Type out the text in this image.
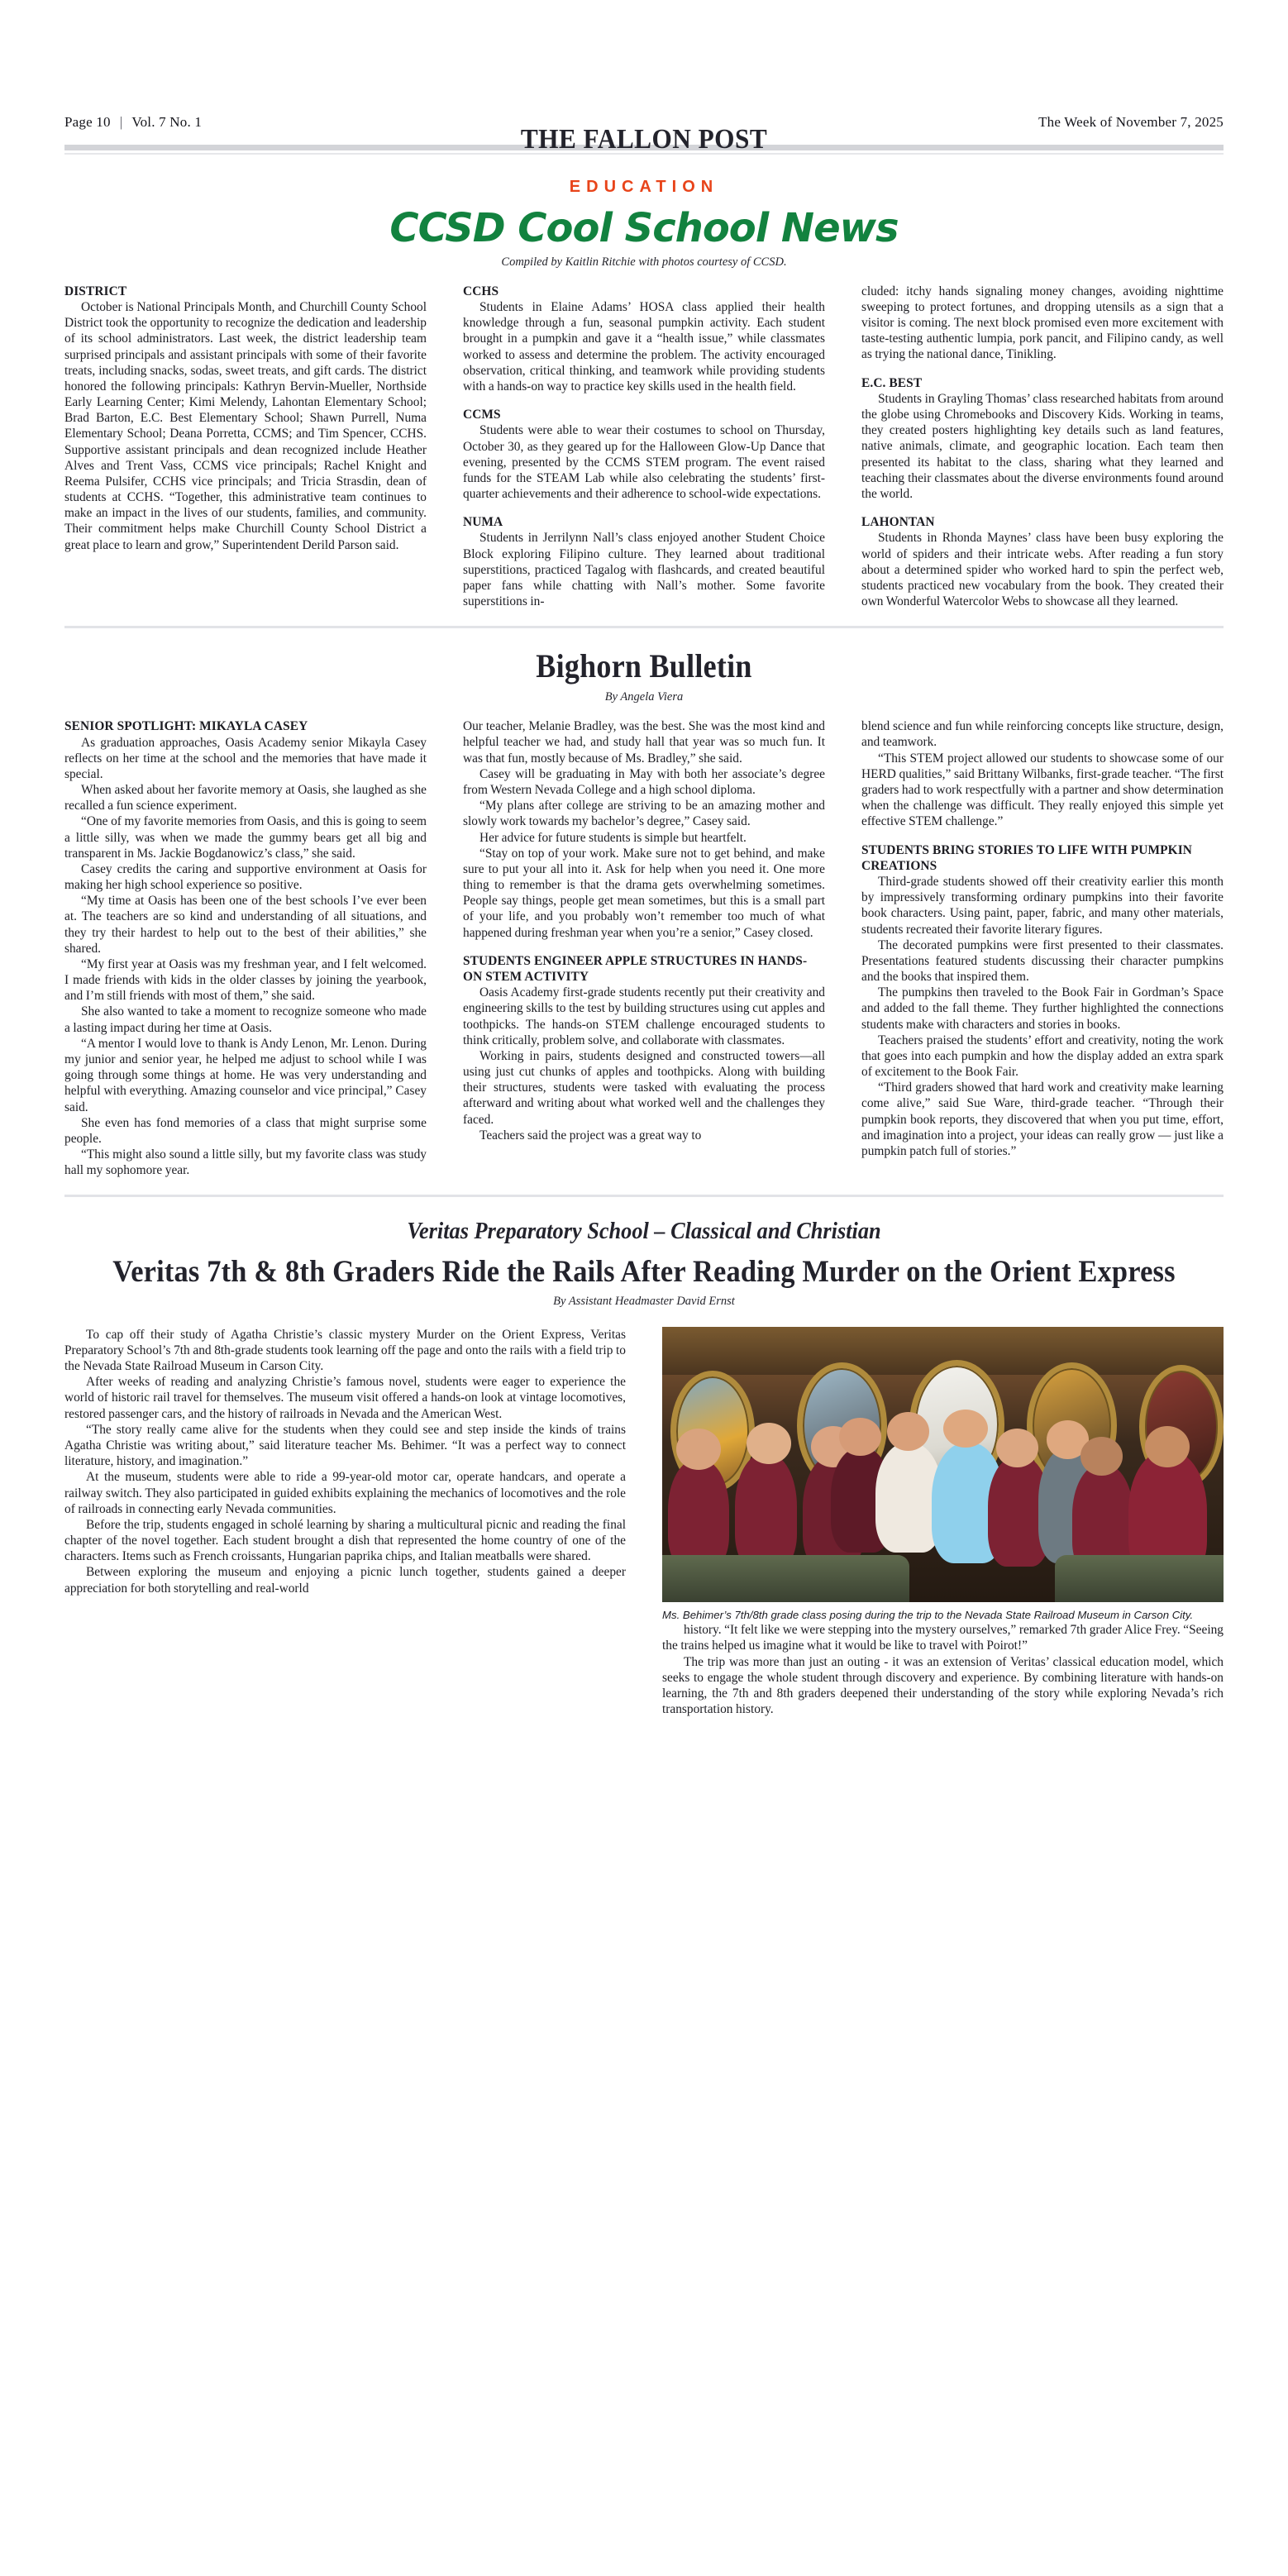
Page 10 | Vol. 7 No. 1	The Week of November 7, 2025
THE FALLON POST
EDUCATION
CCSD Cool School News
Compiled by Kaitlin Ritchie with photos courtesy of CCSD.
DISTRICT

October is National Principals Month, and Churchill County School District took the opportunity to recognize the dedication and leadership of its school administrators. Last week, the district leadership team surprised principals and assistant principals with some of their favorite treats, including snacks, sodas, sweet treats, and gift cards. The district honored the following principals: Kathryn Bervin-Mueller, Northside Early Learning Center; Kimi Melendy, Lahontan Elementary School; Brad Barton, E.C. Best Elementary School; Shawn Purrell, Numa Elementary School; Deana Porretta, CCMS; and Tim Spencer, CCHS. Supportive assistant principals and dean recognized include Heather Alves and Trent Vass, CCMS vice principals; Rachel Knight and Reema Pulsifer, CCHS vice principals; and Tricia Strasdin, dean of students at CCHS. “Together, this administrative team continues to make an impact in the lives of our students, families, and community. Their commitment helps make Churchill County School District a great place to learn and grow,” Superintendent Derild Parson said.

CCHS

Students in Elaine Adams’ HOSA class applied their health knowledge through a fun, seasonal pumpkin activity. Each student brought in a pumpkin and gave it a “health issue,” while classmates worked to assess and determine the problem. The activity encouraged observation, critical thinking, and teamwork while providing students with a hands-on way to practice key skills used in the health field.

CCMS

Students were able to wear their costumes to school on Thursday, October 30, as they geared up for the Halloween Glow-Up Dance that evening, presented by the CCMS STEM program. The event raised funds for the STEAM Lab while also celebrating the students’ first-quarter achievements and their adherence to school-wide expectations.

NUMA

Students in Jerrilynn Nall’s class enjoyed another Student Choice Block exploring Filipino culture. They learned about traditional superstitions, practiced Tagalog with flashcards, and created beautiful paper fans while chatting with Nall’s mother. Some favorite superstitions in-

cluded: itchy hands signaling money changes, avoiding nighttime sweeping to protect fortunes, and dropping utensils as a sign that a visitor is coming. The next block promised even more excitement with taste-testing authentic lumpia, pork pancit, and Filipino candy, as well as trying the national dance, Tinikling.

E.C. BEST

Students in Grayling Thomas’ class researched habitats from around the globe using Chromebooks and Discovery Kids. Working in teams, they created posters highlighting key details such as land features, native animals, climate, and geographic location. Each team then presented its habitat to the class, sharing what they learned and teaching their classmates about the diverse environments found around the world.

LAHONTAN

Students in Rhonda Maynes’ class have been busy exploring the world of spiders and their intricate webs. After reading a fun story about a determined spider who worked hard to spin the perfect web, students practiced new vocabulary from the book. They created their own Wonderful Watercolor Webs to showcase all they learned.

Bighorn Bulletin
By Angela Viera
SENIOR SPOTLIGHT: MIKAYLA CASEY

As graduation approaches, Oasis Academy senior Mikayla Casey reflects on her time at the school and the memories that have made it special.

When asked about her favorite memory at Oasis, she laughed as she recalled a fun science experiment.

“One of my favorite memories from Oasis, and this is going to seem a little silly, was when we made the gummy bears get all big and transparent in Ms. Jackie Bogdanowicz’s class,” she said.

Casey credits the caring and supportive environment at Oasis for making her high school experience so positive.

“My time at Oasis has been one of the best schools I’ve ever been at. The teachers are so kind and understanding of all situations, and they try their hardest to help out to the best of their abilities,” she shared.

“My first year at Oasis was my freshman year, and I felt welcomed. I made friends with kids in the older classes by joining the yearbook, and I’m still friends with most of them,” she said.

She also wanted to take a moment to recognize someone who made a lasting impact during her time at Oasis.

“A mentor I would love to thank is Andy Lenon, Mr. Lenon. During my junior and senior year, he helped me adjust to school while I was going through some things at home. He was very understanding and helpful with everything. Amazing counselor and vice principal,” Casey said.

She even has fond memories of a class that might surprise some people.

“This might also sound a little silly, but my favorite class was study hall my sophomore year.

Our teacher, Melanie Bradley, was the best. She was the most kind and helpful teacher we had, and study hall that year was so much fun. It was that fun, mostly because of Ms. Bradley,” she said.

Casey will be graduating in May with both her associate’s degree from Western Nevada College and a high school diploma.

“My plans after college are striving to be an amazing mother and slowly work towards my bachelor’s degree,” Casey said.

Her advice for future students is simple but heartfelt.

“Stay on top of your work. Make sure not to get behind, and make sure to put your all into it. Ask for help when you need it. One more thing to remember is that the drama gets overwhelming sometimes. People say things, people get mean sometimes, but this is a small part of your life, and you probably won’t remember too much of what happened during freshman year when you’re a senior,” Casey closed.

STUDENTS ENGINEER APPLE STRUCTURES IN HANDS-ON STEM ACTIVITY

Oasis Academy first-grade students recently put their creativity and engineering skills to the test by building structures using cut apples and toothpicks. The hands-on STEM challenge encouraged students to think critically, problem solve, and collaborate with classmates.

Working in pairs, students designed and constructed towers—all using just cut chunks of apples and toothpicks. Along with building their structures, students were tasked with evaluating the process afterward and writing about what worked well and the challenges they faced.

Teachers said the project was a great way to

blend science and fun while reinforcing concepts like structure, design, and teamwork.

“This STEM project allowed our students to showcase some of our HERD qualities,” said Brittany Wilbanks, first-grade teacher. “The first graders had to work respectfully with a partner and show determination when the challenge was difficult. They really enjoyed this simple yet effective STEM challenge.”

STUDENTS BRING STORIES TO LIFE WITH PUMPKIN CREATIONS

Third-grade students showed off their creativity earlier this month by impressively transforming ordinary pumpkins into their favorite book characters. Using paint, paper, fabric, and many other materials, students recreated their favorite literary figures.

The decorated pumpkins were first presented to their classmates. Presentations featured students discussing their character pumpkins and the books that inspired them.

The pumpkins then traveled to the Book Fair in Gordman’s Space and added to the fall theme. They further highlighted the connections students make with characters and stories in books.

Teachers praised the students’ effort and creativity, noting the work that goes into each pumpkin and how the display added an extra spark of excitement to the Book Fair.

“Third graders showed that hard work and creativity make learning come alive,” said Sue Ware, third-grade teacher. “Through their pumpkin book reports, they discovered that when you put time, effort, and imagination into a project, your ideas can really grow — just like a pumpkin patch full of stories.”

Veritas Preparatory School – Classical and Christian
Veritas 7th & 8th Graders Ride the Rails After Reading Murder on the Orient Express
By Assistant Headmaster David Ernst

To cap off their study of Agatha Christie’s classic mystery Murder on the Orient Express, Veritas Preparatory School’s 7th and 8th-grade students took learning off the page and onto the rails with a field trip to the Nevada State Railroad Museum in Carson City.

After weeks of reading and analyzing Christie’s famous novel, students were eager to experience the world of historic rail travel for themselves. The museum visit offered a hands-on look at vintage locomotives, restored passenger cars, and the history of railroads in Nevada and the American West.

“The story really came alive for the students when they could see and step inside the kinds of trains Agatha Christie was writing about,” said literature teacher Ms. Behimer. “It was a perfect way to connect literature, history, and imagination.”

At the museum, students were able to ride a 99-year-old motor car, operate handcars, and operate a railway switch. They also participated in guided exhibits explaining the mechanics of locomotives and the role of railroads in connecting early Nevada communities.

Before the trip, students engaged in scholé learning by sharing a multicultural picnic and reading the final chapter of the novel together. Each student brought a dish that represented the home country of one of the characters. Items such as French croissants, Hungarian paprika chips, and Italian meatballs were shared.

Between exploring the museum and enjoying a picnic lunch together, students gained a deeper appreciation for both storytelling and real-world

Ms. Behimer’s 7th/8th grade class posing during the trip to the Nevada State Railroad Museum in Carson City.

history. “It felt like we were stepping into the mystery ourselves,” remarked 7th grader Alice Frey. “Seeing the trains helped us imagine what it would be like to travel with Poirot!”

The trip was more than just an outing - it was an extension of Veritas’ classical education model, which seeks to engage the whole student through discovery and experience. By combining literature with hands-on learning, the 7th and 8th graders deepened their understanding of the story while exploring Nevada’s rich transportation history.
